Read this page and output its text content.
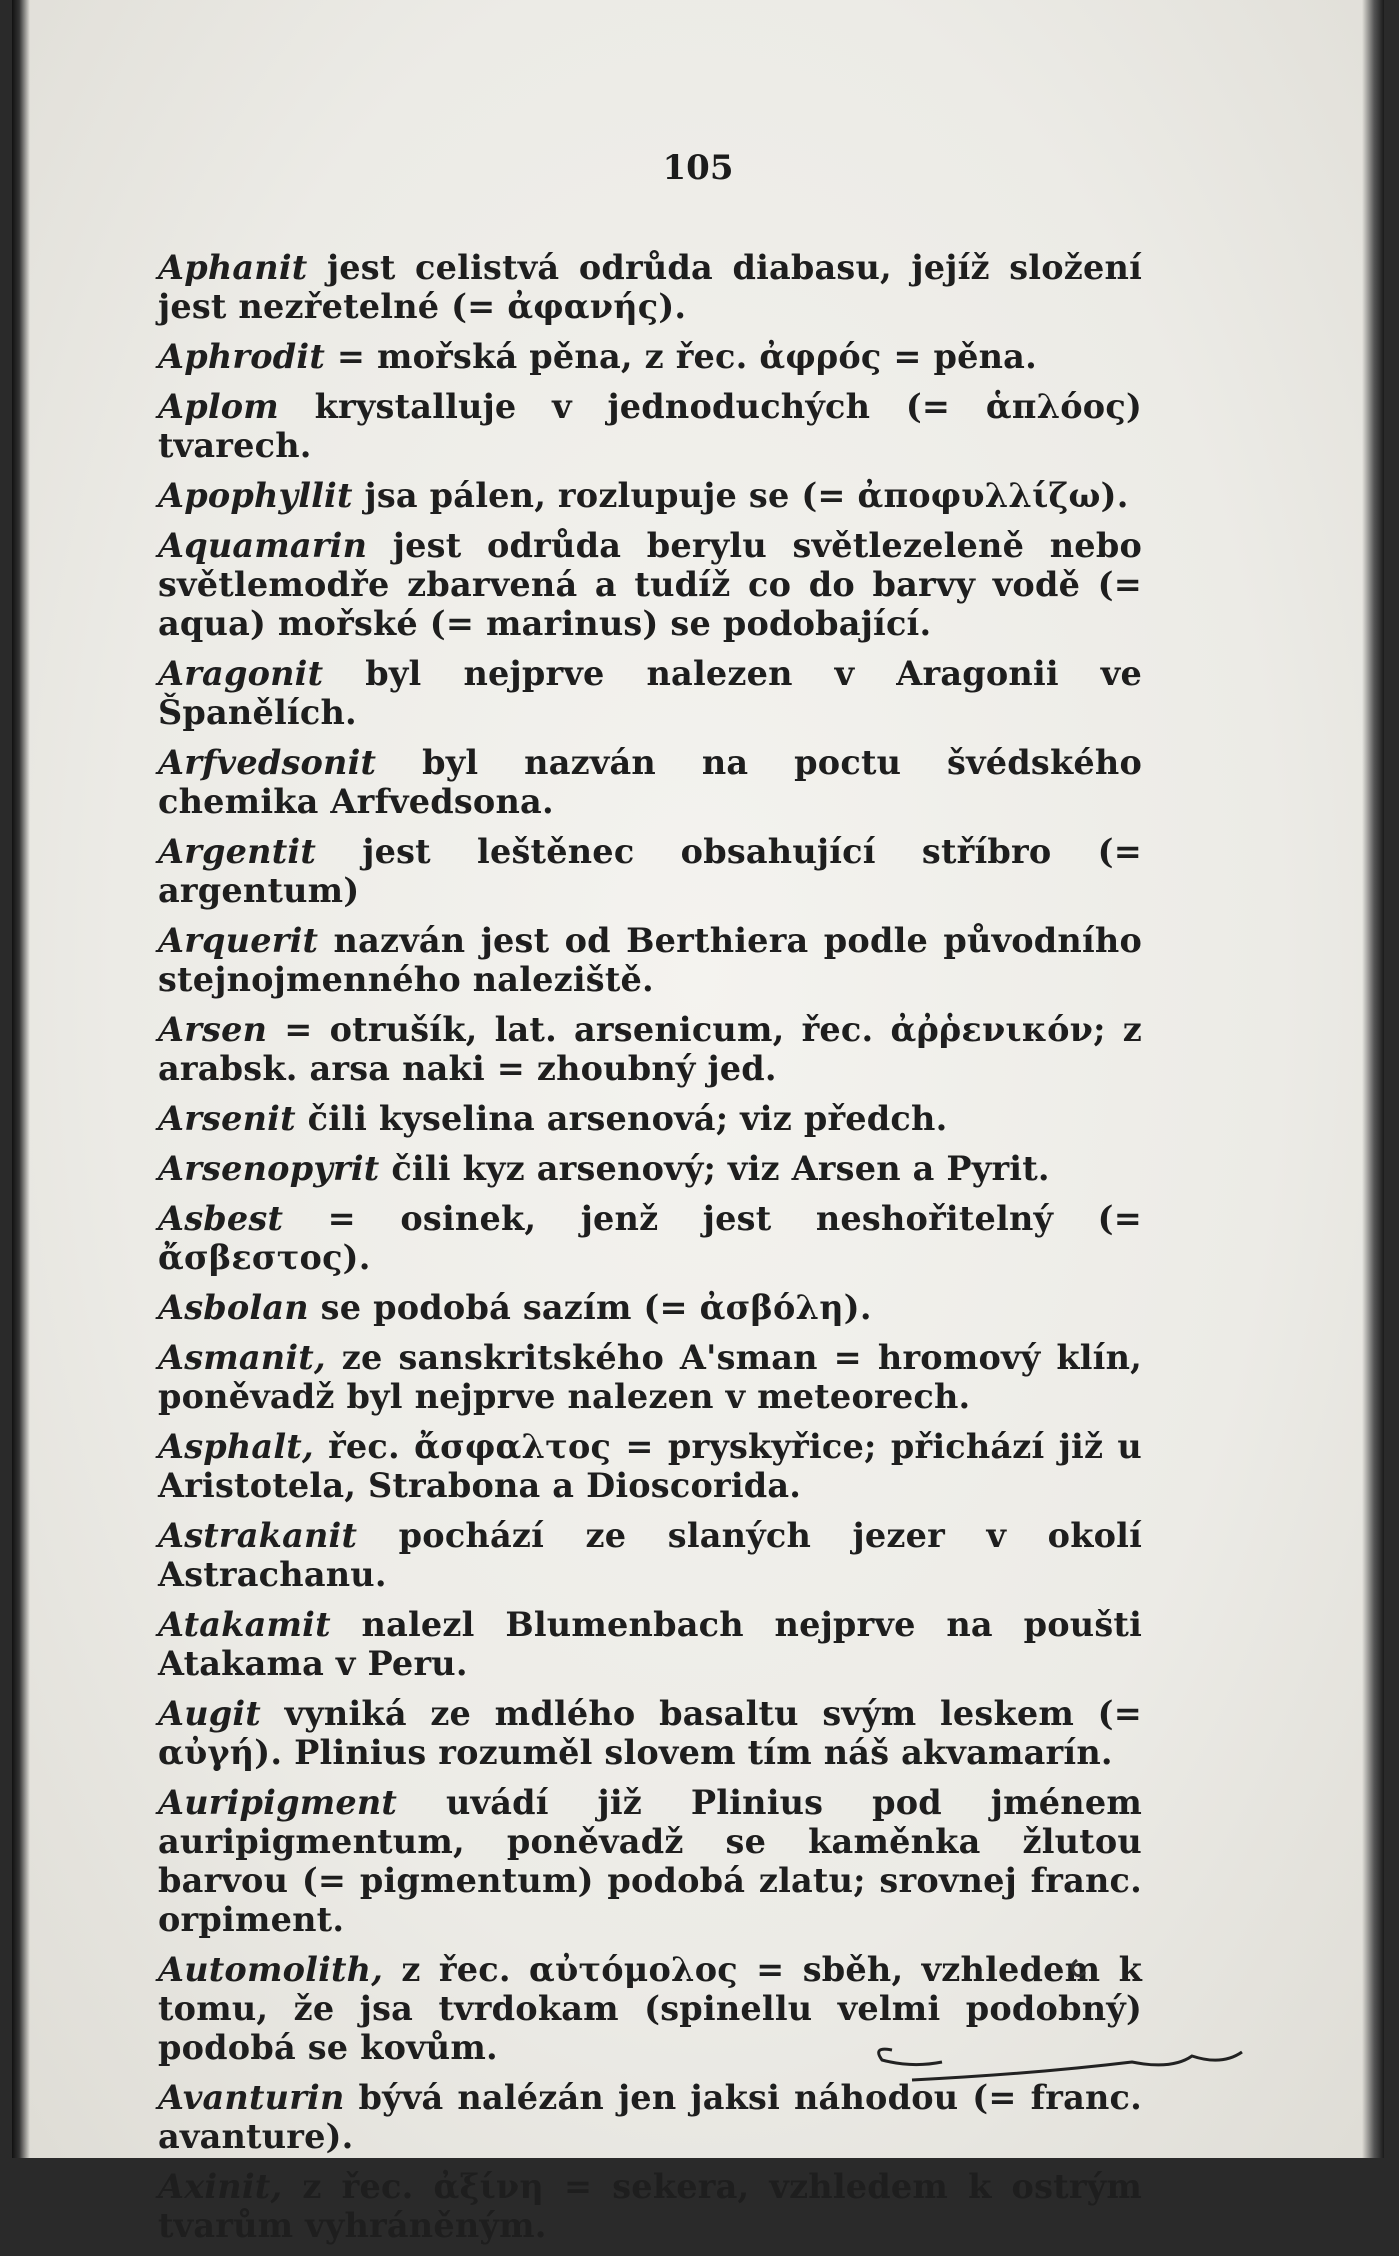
105

Aphanit jest celistvá odrůda diabasu, jejíž složení jest nezřetelné (= ἀφανής).

Aphrodit = mořská pěna, z řec. ἀφρός = pěna.

Aplom krystalluje v jednoduchých (= ἁπλόος) tvarech.

Apophyllit jsa pálen, rozlupuje se (= ἀποφυλλίζω).

Aquamarin jest odrůda berylu světlezeleně nebo světlemodře zbarvená a tudíž co do barvy vodě (= aqua) mořské (= marinus) se podobající.

Aragonit byl nejprve nalezen v Aragonii ve Španělích.

Arfvedsonit byl nazván na poctu švédského chemika Arfvedsona.

Argentit jest leštěnec obsahující stříbro (= argentum)

Arquerit nazván jest od Berthiera podle původního stejnojmenného naleziště.

Arsen = otrušík, lat. arsenicum, řec. ἀῤῥενικόν; z arabsk. arsa naki = zhoubný jed.

Arsenit čili kyselina arsenová; viz předch.

Arsenopyrit čili kyz arsenový; viz Arsen a Pyrit.

Asbest = osinek, jenž jest neshořitelný (= ἄσβεστος).

Asbolan se podobá sazím (= ἀσβόλη).

Asmanit, ze sanskritského A'sman = hromový klín, poněvadž byl nejprve nalezen v meteorech.

Asphalt, řec. ἄσφαλτος = pryskyřice; přichází již u Aristotela, Strabona a Dioscorida.

Astrakanit pochází ze slaných jezer v okolí Astrachanu.

Atakamit nalezl Blumenbach nejprve na poušti Atakama v Peru.

Augit vyniká ze mdlého basaltu svým leskem (= αὐγή). Plinius rozuměl slovem tím náš akvamarín.

Auripigment uvádí již Plinius pod jménem auripigmentum, poněvadž se kaměnka žlutou barvou (= pigmentum) podobá zlatu; srovnej franc. orpiment.

Automolith, z řec. αὐτόμολος = sběh, vzhledem k tomu, že jsa tvrdokam (spinellu velmi podobný) podobá se kovům.

Avanturin bývá nalézán jen jaksi náhodou (= franc. avanture).

Axinit, z řec. ἀξίνη = sekera, vzhledem k ostrým tvarům vyhráněným.
